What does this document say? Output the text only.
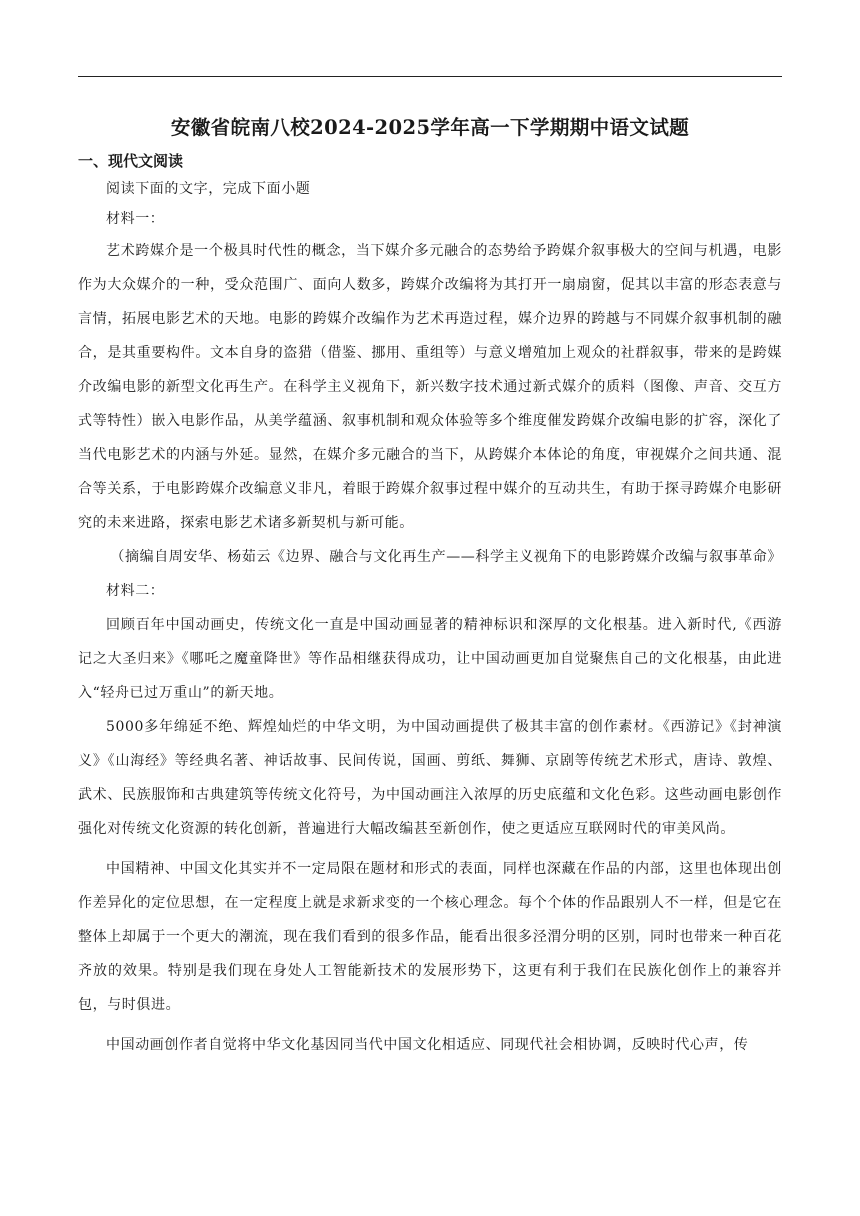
安徽省皖南八校2024-2025学年高一下学期期中语文试题
一、现代文阅读

阅读下面的文字，完成下面小题

材料一：

艺术跨媒介是一个极具时代性的概念，当下媒介多元融合的态势给予跨媒介叙事极大的空间与机遇，电影作为大众媒介的一种，受众范围广、面向人数多，跨媒介改编将为其打开一扇扇窗，促其以丰富的形态表意与言情，拓展电影艺术的天地。电影的跨媒介改编作为艺术再造过程，媒介边界的跨越与不同媒介叙事机制的融合，是其重要构件。文本自身的盗猎（借鉴、挪用、重组等）与意义增殖加上观众的社群叙事，带来的是跨媒介改编电影的新型文化再生产。在科学主义视角下，新兴数字技术通过新式媒介的质料（图像、声音、交互方式等特性）嵌入电影作品，从美学蕴涵、叙事机制和观众体验等多个维度催发跨媒介改编电影的扩容，深化了当代电影艺术的内涵与外延。显然，在媒介多元融合的当下，从跨媒介本体论的角度，审视媒介之间共通、混合等关系，于电影跨媒介改编意义非凡，着眼于跨媒介叙事过程中媒介的互动共生，有助于探寻跨媒介电影研究的未来进路，探索电影艺术诸多新契机与新可能。

（摘编自周安华、杨茹云《边界、融合与文化再生产——科学主义视角下的电影跨媒介改编与叙事革命》

材料二：

回顾百年中国动画史，传统文化一直是中国动画显著的精神标识和深厚的文化根基。进入新时代,《西游记之大圣归来》《哪吒之魔童降世》等作品相继获得成功，让中国动画更加自觉聚焦自己的文化根基，由此进入“轻舟已过万重山”的新天地。

5000多年绵延不绝、辉煌灿烂的中华文明，为中国动画提供了极其丰富的创作素材。《西游记》《封神演义》《山海经》等经典名著、神话故事、民间传说，国画、剪纸、舞狮、京剧等传统艺术形式，唐诗、敦煌、武术、民族服饰和古典建筑等传统文化符号，为中国动画注入浓厚的历史底蕴和文化色彩。这些动画电影创作强化对传统文化资源的转化创新，普遍进行大幅改编甚至新创作，使之更适应互联网时代的审美风尚。

中国精神、中国文化其实并不一定局限在题材和形式的表面，同样也深藏在作品的内部，这里也体现出创作差异化的定位思想，在一定程度上就是求新求变的一个核心理念。每个个体的作品跟别人不一样，但是它在整体上却属于一个更大的潮流，现在我们看到的很多作品，能看出很多泾渭分明的区别，同时也带来一种百花齐放的效果。特别是我们现在身处人工智能新技术的发展形势下，这更有利于我们在民族化创作上的兼容并包，与时俱进。

中国动画创作者自觉将中华文化基因同当代中国文化相适应、同现代社会相协调，反映时代心声，传
